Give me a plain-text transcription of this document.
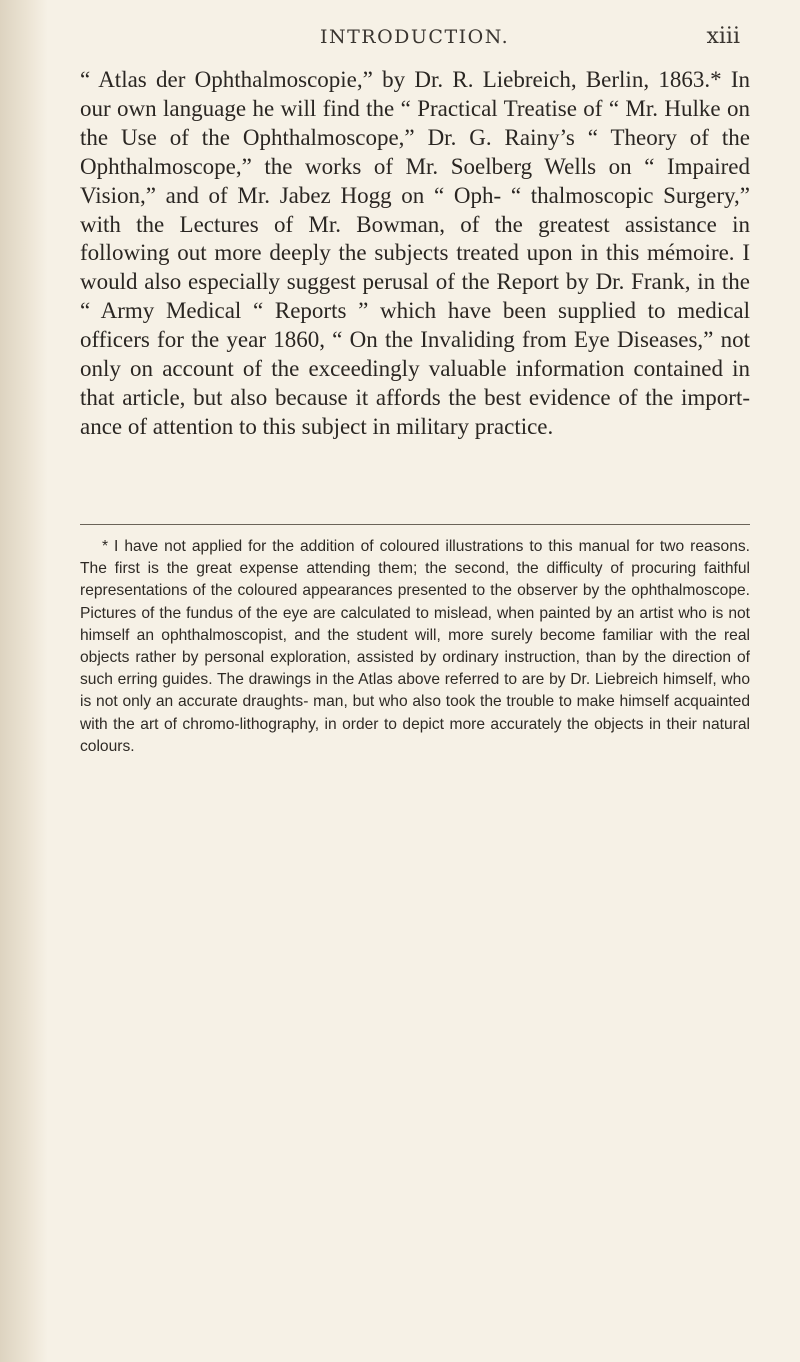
INTRODUCTION.	xiii

“ Atlas der Ophthalmoscopie,” by Dr. R. Liebreich, Berlin, 1863.* In our own language he will find the “ Practical Treatise of “ Mr. Hulke on the Use of the Ophthalmoscope,” Dr. G. Rainy’s “ Theory of the Ophthalmoscope,” the works of Mr. Soelberg Wells on “ Impaired Vision,” and of Mr. Jabez Hogg on “ Oph- “ thalmoscopic Surgery,” with the Lectures of Mr. Bowman, of the greatest assistance in following out more deeply the subjects treated upon in this mémoire. I would also especially suggest perusal of the Report by Dr. Frank, in the “ Army Medical “ Reports ” which have been supplied to medical officers for the year 1860, “ On the Invaliding from Eye Diseases,” not only on account of the exceedingly valuable information contained in that article, but also because it affords the best evidence of the import- ance of attention to this subject in military practice.

* I have not applied for the addition of coloured illustrations to this manual for two reasons. The first is the great expense attending them; the second, the difficulty of procuring faithful representations of the coloured appearances presented to the observer by the ophthalmoscope. Pictures of the fundus of the eye are calculated to mislead, when painted by an artist who is not himself an ophthalmoscopist, and the student will, more surely become familiar with the real objects rather by personal exploration, assisted by ordinary instruction, than by the direction of such erring guides. The drawings in the Atlas above referred to are by Dr. Liebreich himself, who is not only an accurate draughts- man, but who also took the trouble to make himself acquainted with the art of chromo-lithography, in order to depict more accurately the objects in their natural colours.
